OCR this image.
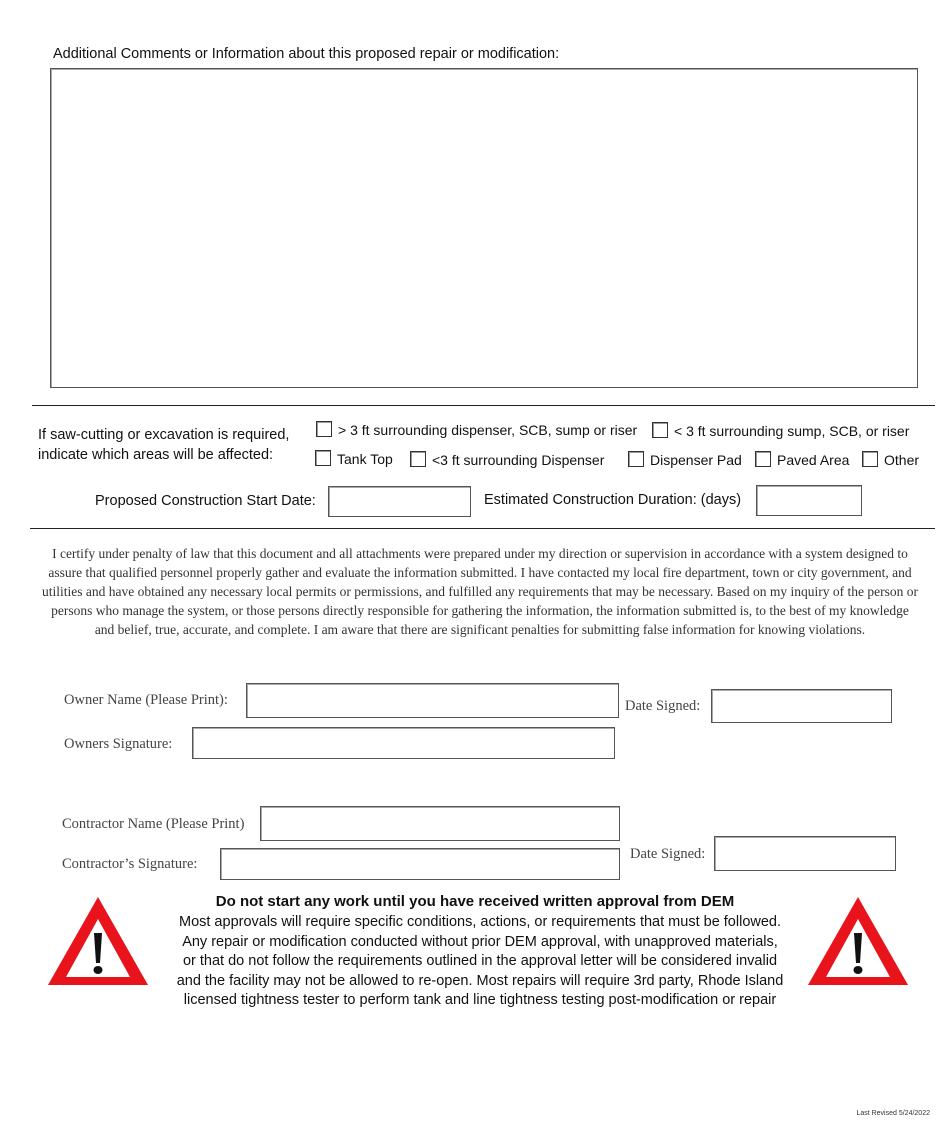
Additional Comments or Information about this proposed repair or modification:
If saw-cutting or excavation is required,
indicate which areas will be affected:
> 3 ft surrounding dispenser, SCB, sump or riser	< 3 ft surrounding sump, SCB, or riser
Tank Top	<3 ft surrounding Dispenser	Dispenser Pad	Paved Area	Other
Proposed Construction Start Date:	Estimated Construction Duration: (days)
I certify under penalty of law that this document and all attachments were prepared under my direction or supervision in accordance with a system designed to assure that qualified personnel properly gather and evaluate the information submitted. I have contacted my local fire department, town or city government, and utilities and have obtained any necessary local permits or permissions, and fulfilled any requirements that may be necessary. Based on my inquiry of the person or persons who manage the system, or those persons directly responsible for gathering the information, the information submitted is, to the best of my knowledge and belief, true, accurate, and complete. I am aware that there are significant penalties for submitting false information for knowing violations.
Owner Name (Please Print):	Date Signed:
Owners Signature:
Contractor Name (Please Print)
Date Signed:
Contractor’s Signature:
Do not start any work until you have received written approval from DEM
Most approvals will require specific conditions, actions, or requirements that must be followed.
Any repair or modification conducted without prior DEM approval, with unapproved materials,
or that do not follow the requirements outlined in the approval letter will be considered invalid
and the facility may not be allowed to re-open. Most repairs will require 3rd party, Rhode Island
licensed tightness tester to perform tank and line tightness testing post-modification or repair
Last Revised 5/24/2022
